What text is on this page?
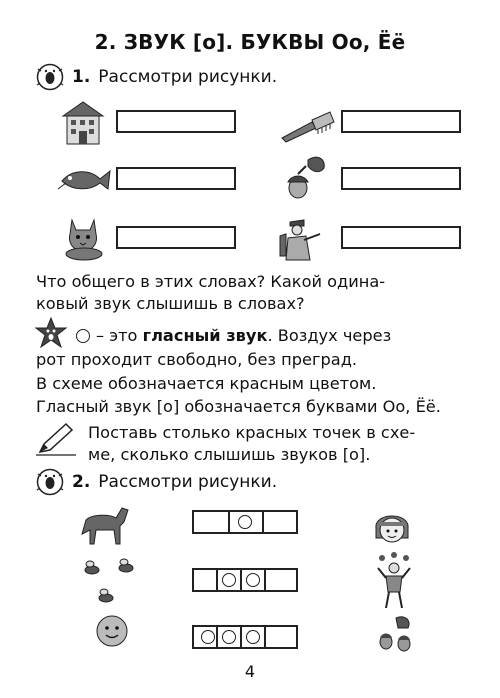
2. ЗВУК [о]. БУКВЫ Оо, Ёё
1. Рассмотри рисунки.
Что общего в этих словах? Какой одина-
ковый звук слышишь в словах?
– это гласный звук. Воздух через
рот проходит свободно, без преград.
В схеме обозначается красным цветом.
Гласный звук [о] обозначается буквами Оо, Ёё.
Поставь столько красных точек в схе-
ме, сколько слышишь звуков [о].
2. Рассмотри рисунки.
4
